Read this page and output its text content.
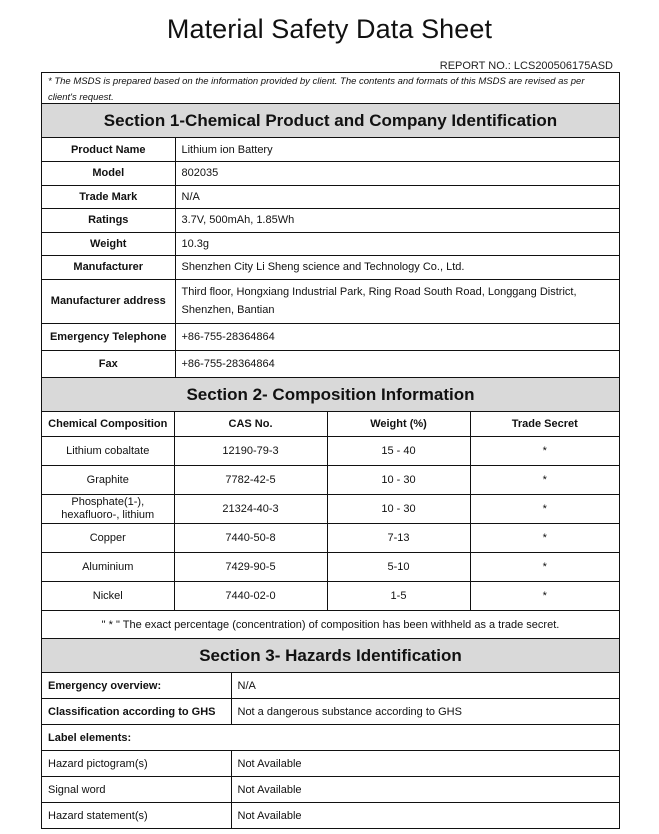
Material Safety Data Sheet
REPORT NO.: LCS200506175ASD
* The MSDS is prepared based on the information provided by client. The contents and formats of this MSDS are revised as per client's request.
Section 1-Chemical Product and Company Identification
Product Name	Lithium ion Battery
Model	802035
Trade Mark	N/A
Ratings	3.7V, 500mAh, 1.85Wh
Weight	10.3g
Manufacturer	Shenzhen City Li Sheng science and Technology Co., Ltd.
Manufacturer address	Third floor, Hongxiang Industrial Park, Ring Road South Road, Longgang District, Shenzhen, Bantian
Emergency Telephone	+86-755-28364864
Fax	+86-755-28364864
Section 2- Composition Information
Chemical Composition	CAS No.	Weight (%)	Trade Secret
Lithium cobaltate	12190-79-3	15 - 40	*
Graphite	7782-42-5	10 - 30	*
Phosphate(1-), hexafluoro-, lithium	21324-40-3	10 - 30	*
Copper	7440-50-8	7-13	*
Aluminium	7429-90-5	5-10	*
Nickel	7440-02-0	1-5	*
" * " The exact percentage (concentration) of composition has been withheld as a trade secret.			
Section 3- Hazards Identification
Emergency overview:	N/A
Classification according to GHS	Not a dangerous substance according to GHS
Label elements:	
Hazard pictogram(s)	Not Available
Signal word	Not Available
Hazard statement(s)	Not Available
